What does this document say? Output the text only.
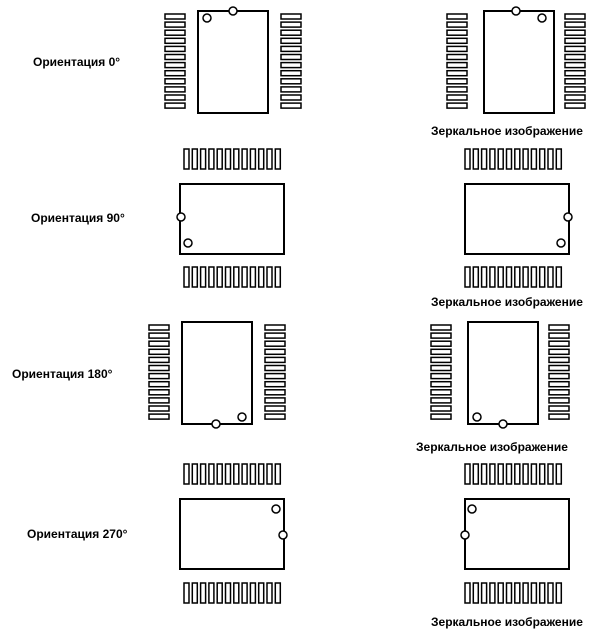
Ориентация 0°
Ориентация 90°
Ориентация 180°
Ориентация 270°
Зеркальное изображение
Зеркальное изображение
Зеркальное изображение
Зеркальное изображение
